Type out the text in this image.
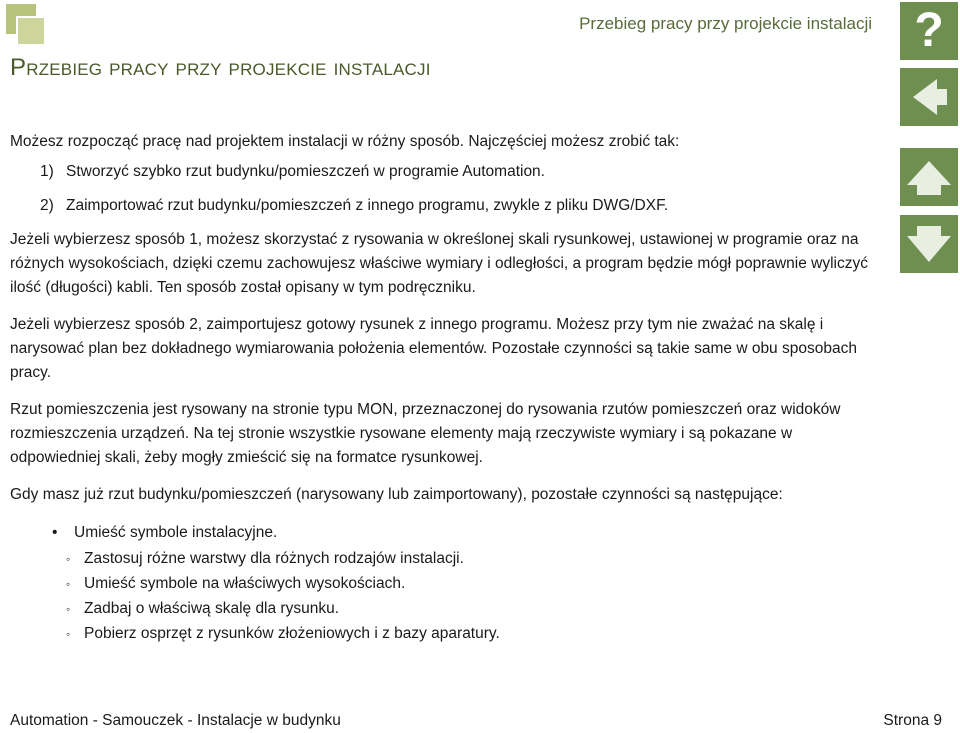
Przebieg pracy przy projekcie instalacji
Przebieg pracy przy projekcie instalacji
?

Możesz rozpocząć pracę nad projektem instalacji w różny sposób. Najczęściej możesz zrobić tak:

1) Stworzyć szybko rzut budynku/pomieszczeń w programie Automation.
2) Zaimportować rzut budynku/pomieszczeń z innego programu, zwykle z pliku DWG/DXF.

Jeżeli wybierzesz sposób 1, możesz skorzystać z rysowania w określonej skali rysunkowej, ustawionej w programie oraz na różnych wysokościach, dzięki czemu zachowujesz właściwe wymiary i odległości, a program będzie mógł poprawnie wyliczyć ilość (długości) kabli. Ten sposób został opisany w tym podręczniku.

Jeżeli wybierzesz sposób 2, zaimportujesz gotowy rysunek z innego programu. Możesz przy tym nie zważać na skalę i narysować plan bez dokładnego wymiarowania położenia elementów. Pozostałe czynności są takie same w obu sposobach pracy.

Rzut pomieszczenia jest rysowany na stronie typu MON, przeznaczonej do rysowania rzutów pomieszczeń oraz widoków rozmieszczenia urządzeń. Na tej stronie wszystkie rysowane elementy mają rzeczywiste wymiary i są pokazane w odpowiedniej skali, żeby mogły zmieścić się na formatce rysunkowej.

Gdy masz już rzut budynku/pomieszczeń (narysowany lub zaimportowany), pozostałe czynności są następujące:

• Umieść symbole instalacyjne.
◦ Zastosuj różne warstwy dla różnych rodzajów instalacji.
◦ Umieść symbole na właściwych wysokościach.
◦ Zadbaj o właściwą skalę dla rysunku.
◦ Pobierz osprzęt z rysunków złożeniowych i z bazy aparatury.
Automation - Samouczek - Instalacje w budynku	Strona 9
